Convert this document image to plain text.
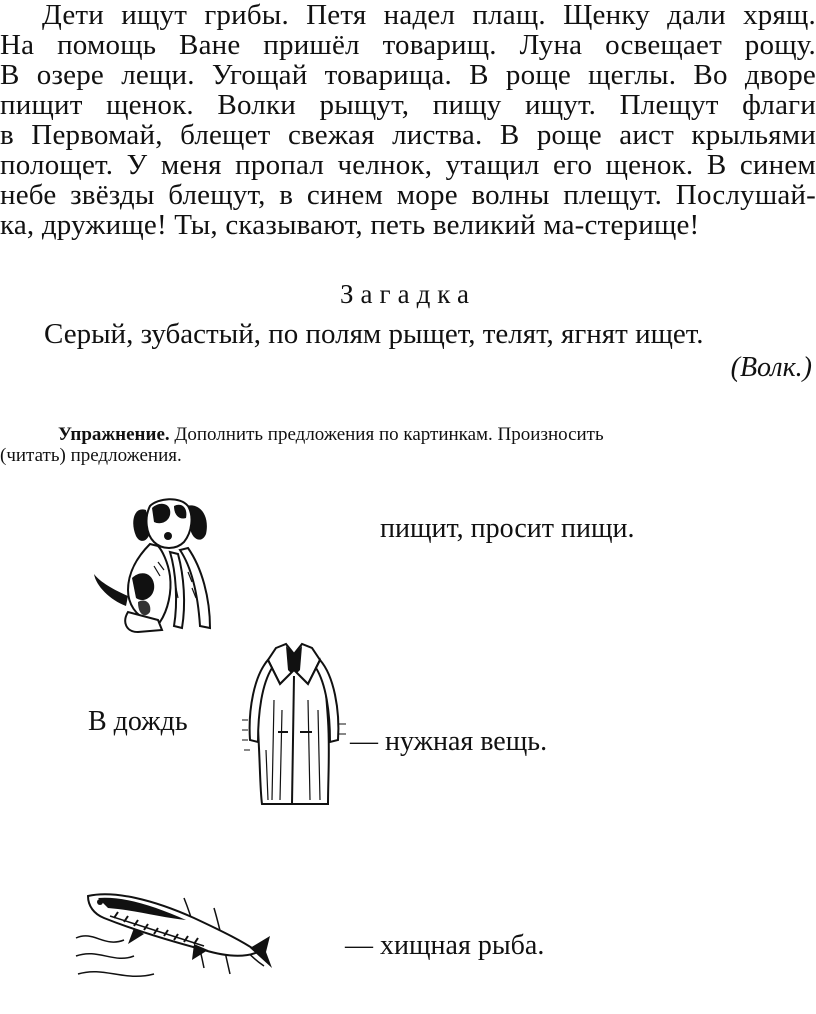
Дети ищут грибы. Петя надел плащ. Щенку дали хрящ.
На помощь Ване пришёл товарищ. Луна освещает рощу.
В озере лещи. Угощай товарища. В роще щеглы. Во дворе
пищит щенок. Волки рыщут, пищу ищут. Плещут флаги
в Первомай, блещет свежая листва. В роще аист крыльями
полощет. У меня пропал челнок, утащил его щенок. В синем
небе звёзды блещут, в синем море волны плещут. Послушай-
ка, дружище! Ты, сказывают, петь великий ма-стерище!
Загадка
Серый, зубастый, по полям рыщет, телят, ягнят ищет.
(Волк.)
Упражнение. Дополнить предложения по картинкам. Произносить
(читать) предложения.
пищит, просит пищи.
В дождь
— нужная вещь.
— хищная рыба.
